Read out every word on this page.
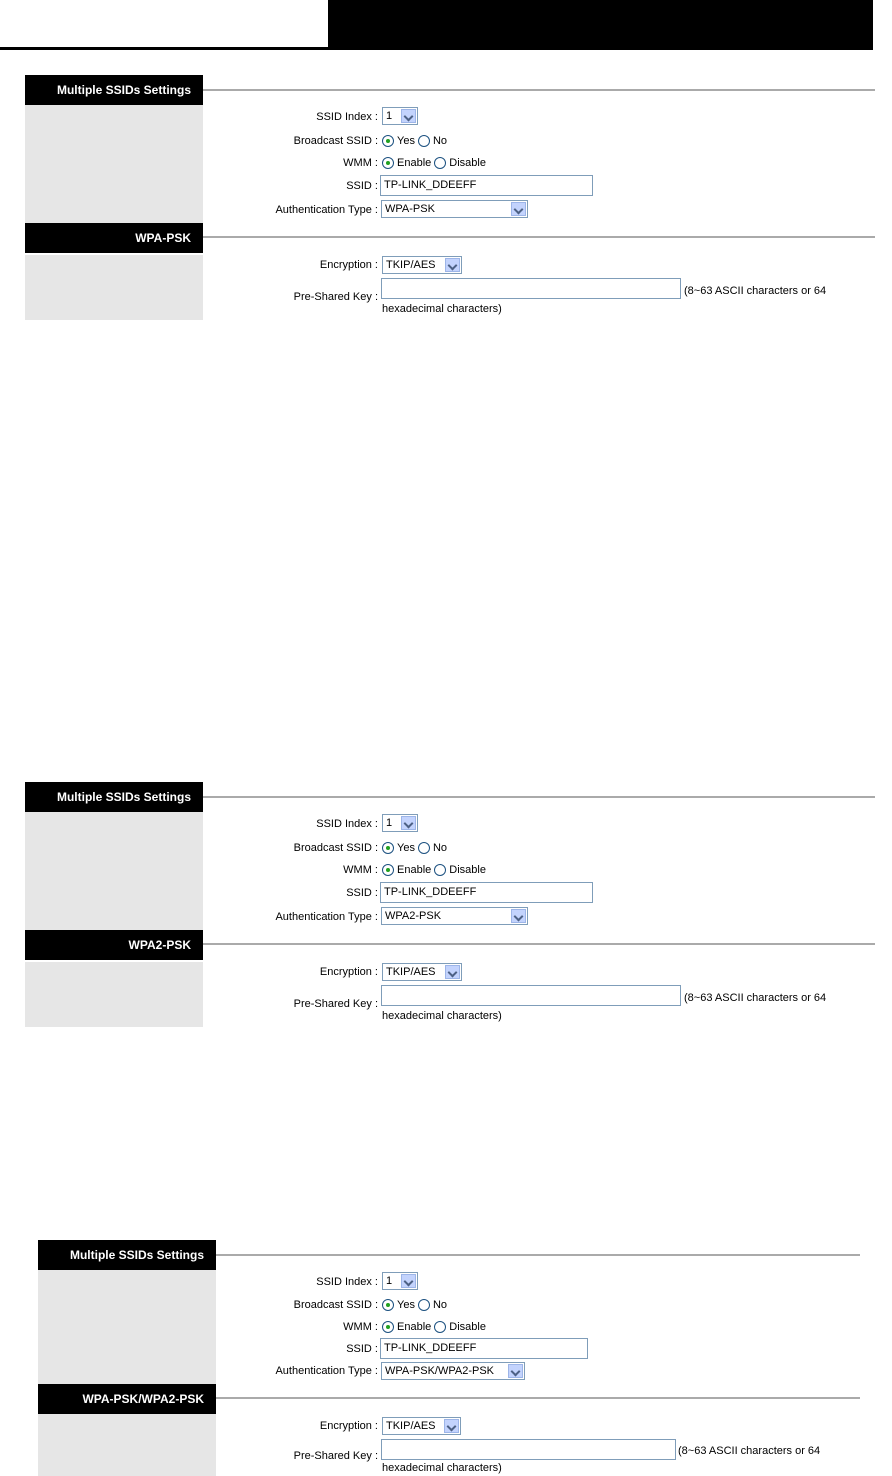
Multiple SSIDs Settings
SSID Index : 1
Broadcast SSID : Yes No
WMM : Enable Disable
SSID : TP-LINK_DDEEFF
Authentication Type : WPA-PSK
WPA-PSK
Encryption : TKIP/AES
Pre-Shared Key :	(8~63 ASCII characters or 64
hexadecimal characters)
Multiple SSIDs Settings
SSID Index : 1
Broadcast SSID : Yes No
WMM : Enable Disable
SSID : TP-LINK_DDEEFF
Authentication Type : WPA2-PSK
WPA2-PSK
Encryption : TKIP/AES
Pre-Shared Key :	(8~63 ASCII characters or 64
hexadecimal characters)
Multiple SSIDs Settings
SSID Index : 1
Broadcast SSID : Yes No
WMM : Enable Disable
SSID : TP-LINK_DDEEFF
Authentication Type : WPA-PSK/WPA2-PSK
WPA-PSK/WPA2-PSK
Encryption : TKIP/AES
Pre-Shared Key :	(8~63 ASCII characters or 64
hexadecimal characters)
